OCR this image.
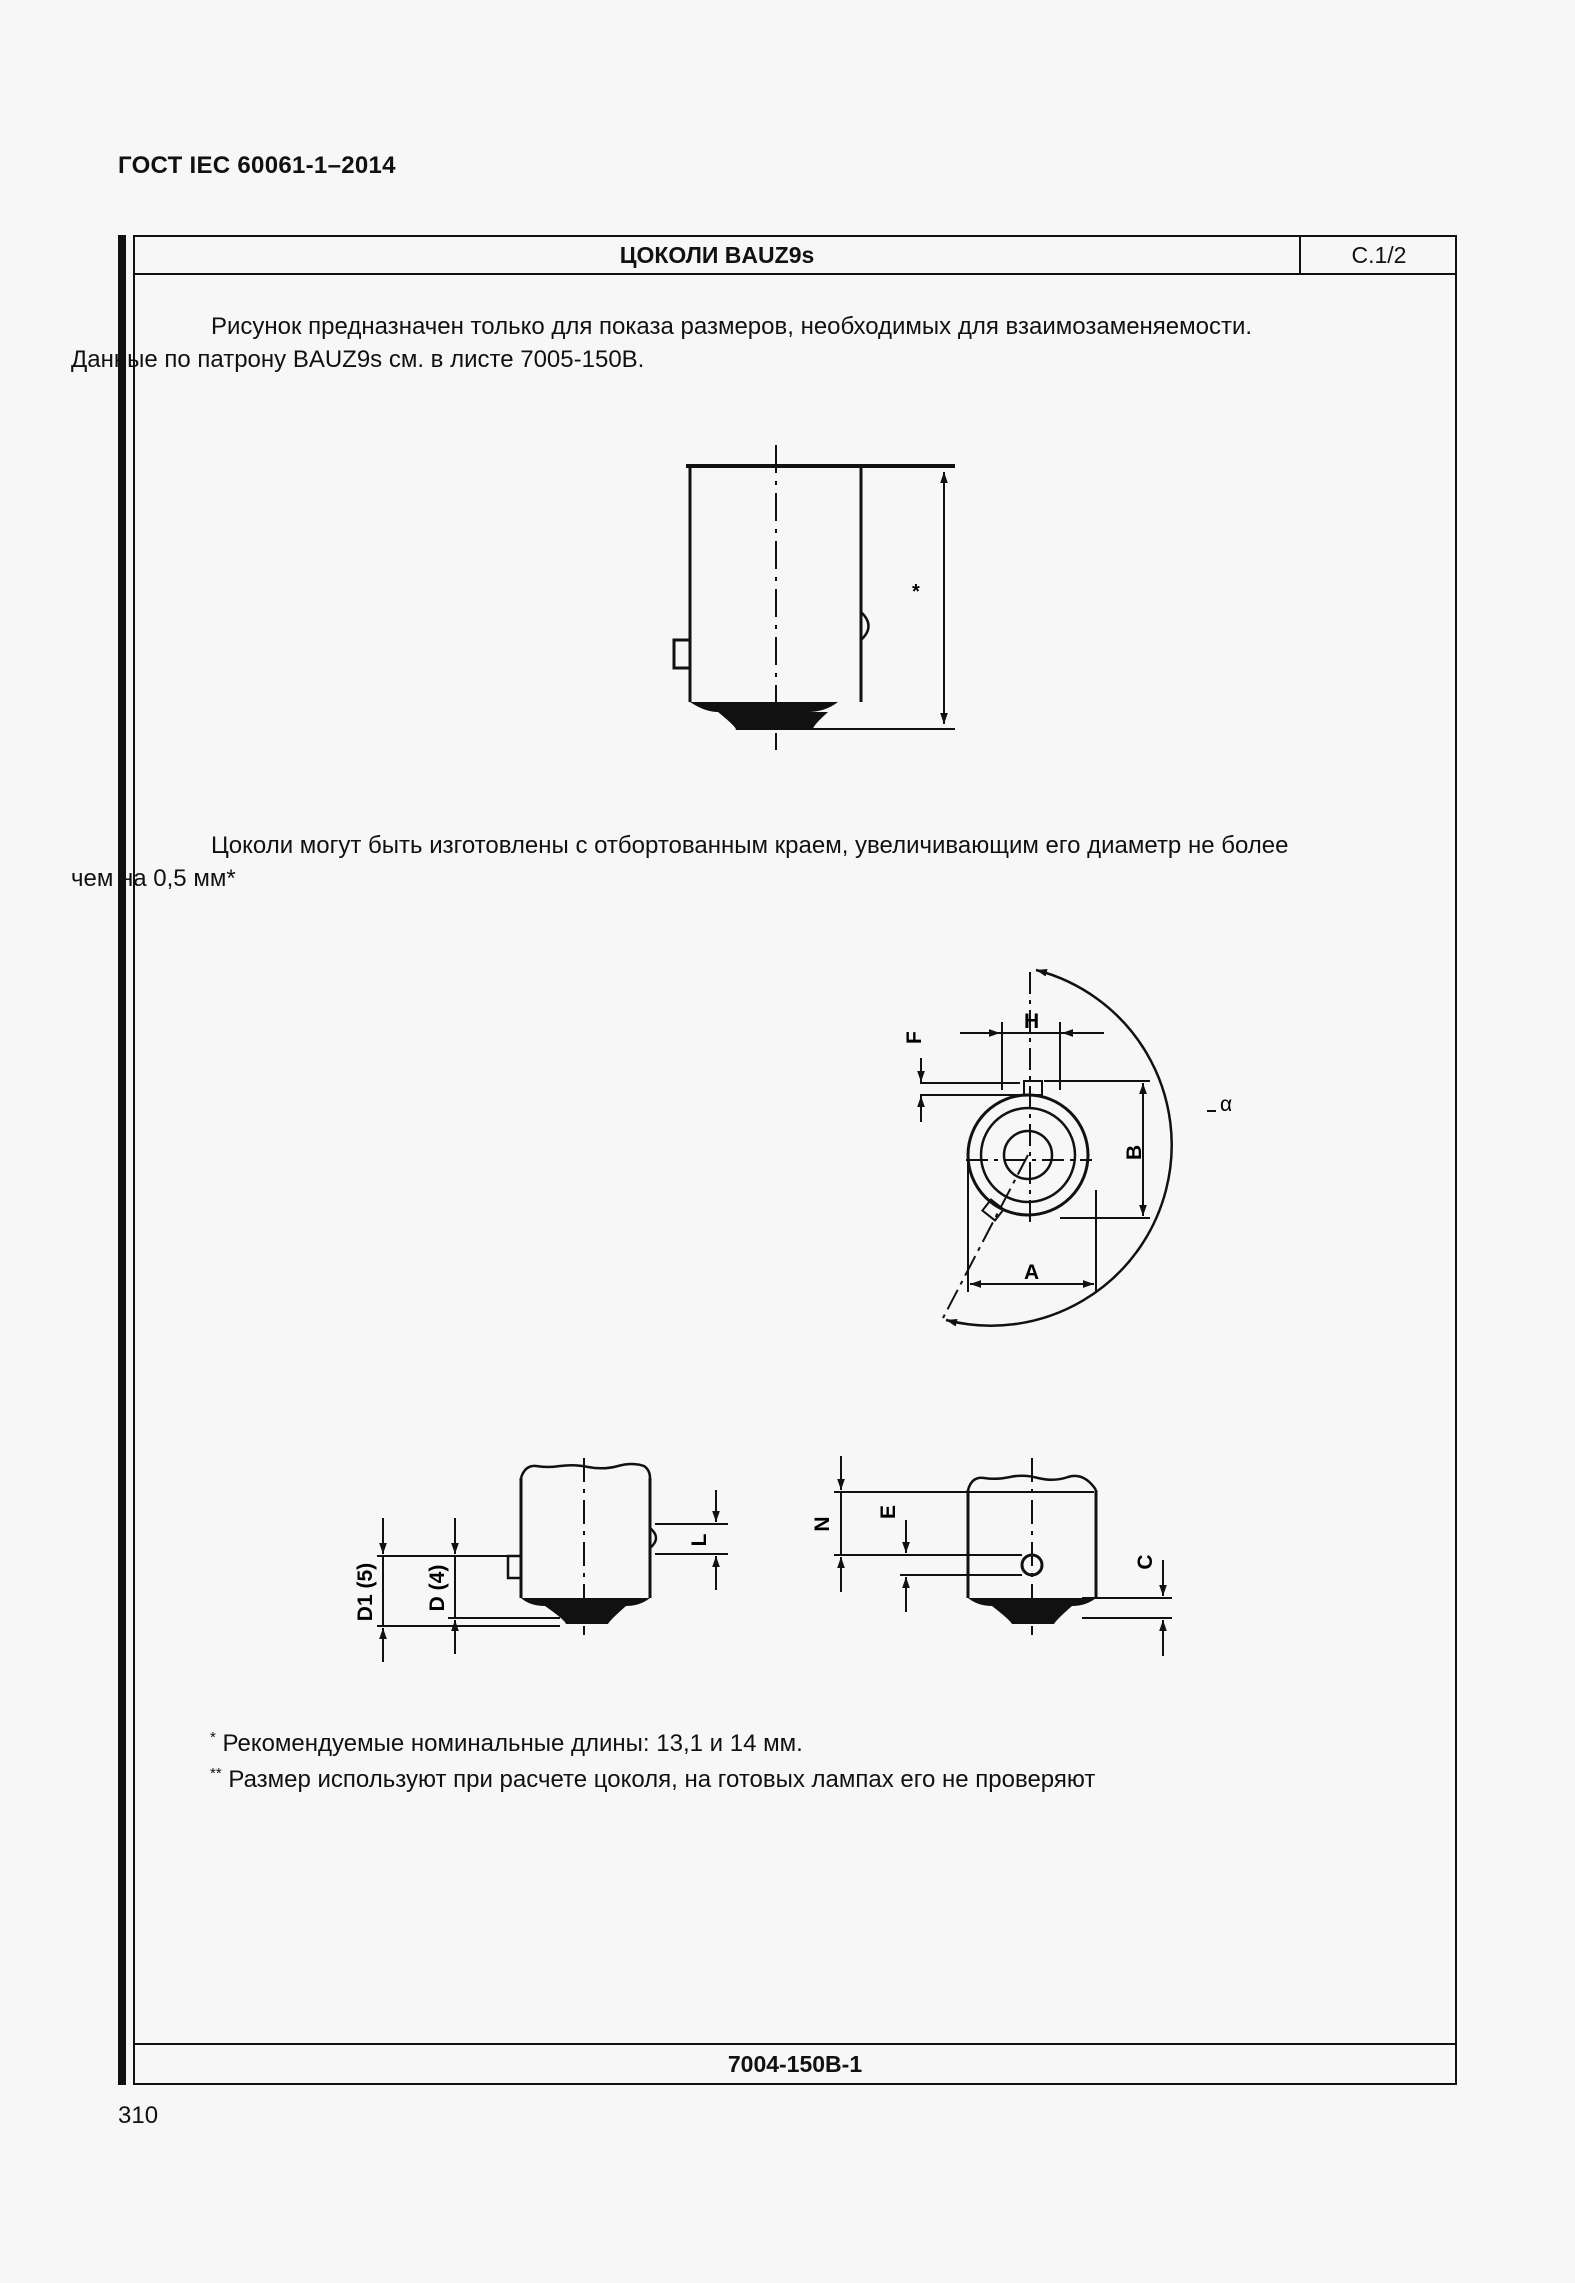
ГОСТ IEC 60061-1–2014
ЦОКОЛИ BAUZ9s	С.1/2
Рисунок предназначен только для показа размеров, необходимых для взаимозаменяемости.
Данные по патрону BAUZ9s см. в листе 7005-150B.
Цоколи могут быть изготовлены с отбортованным краем, увеличивающим его диаметр не более
чем на 0,5 мм*
* Рекомендуемые номинальные длины: 13,1 и 14 мм.
** Размер используют при расчете цоколя, на готовых лампах его не проверяют
7004-150B-1
*
H
F
α
B
A
D1 (5) D (4)
L
N
E
C
310
